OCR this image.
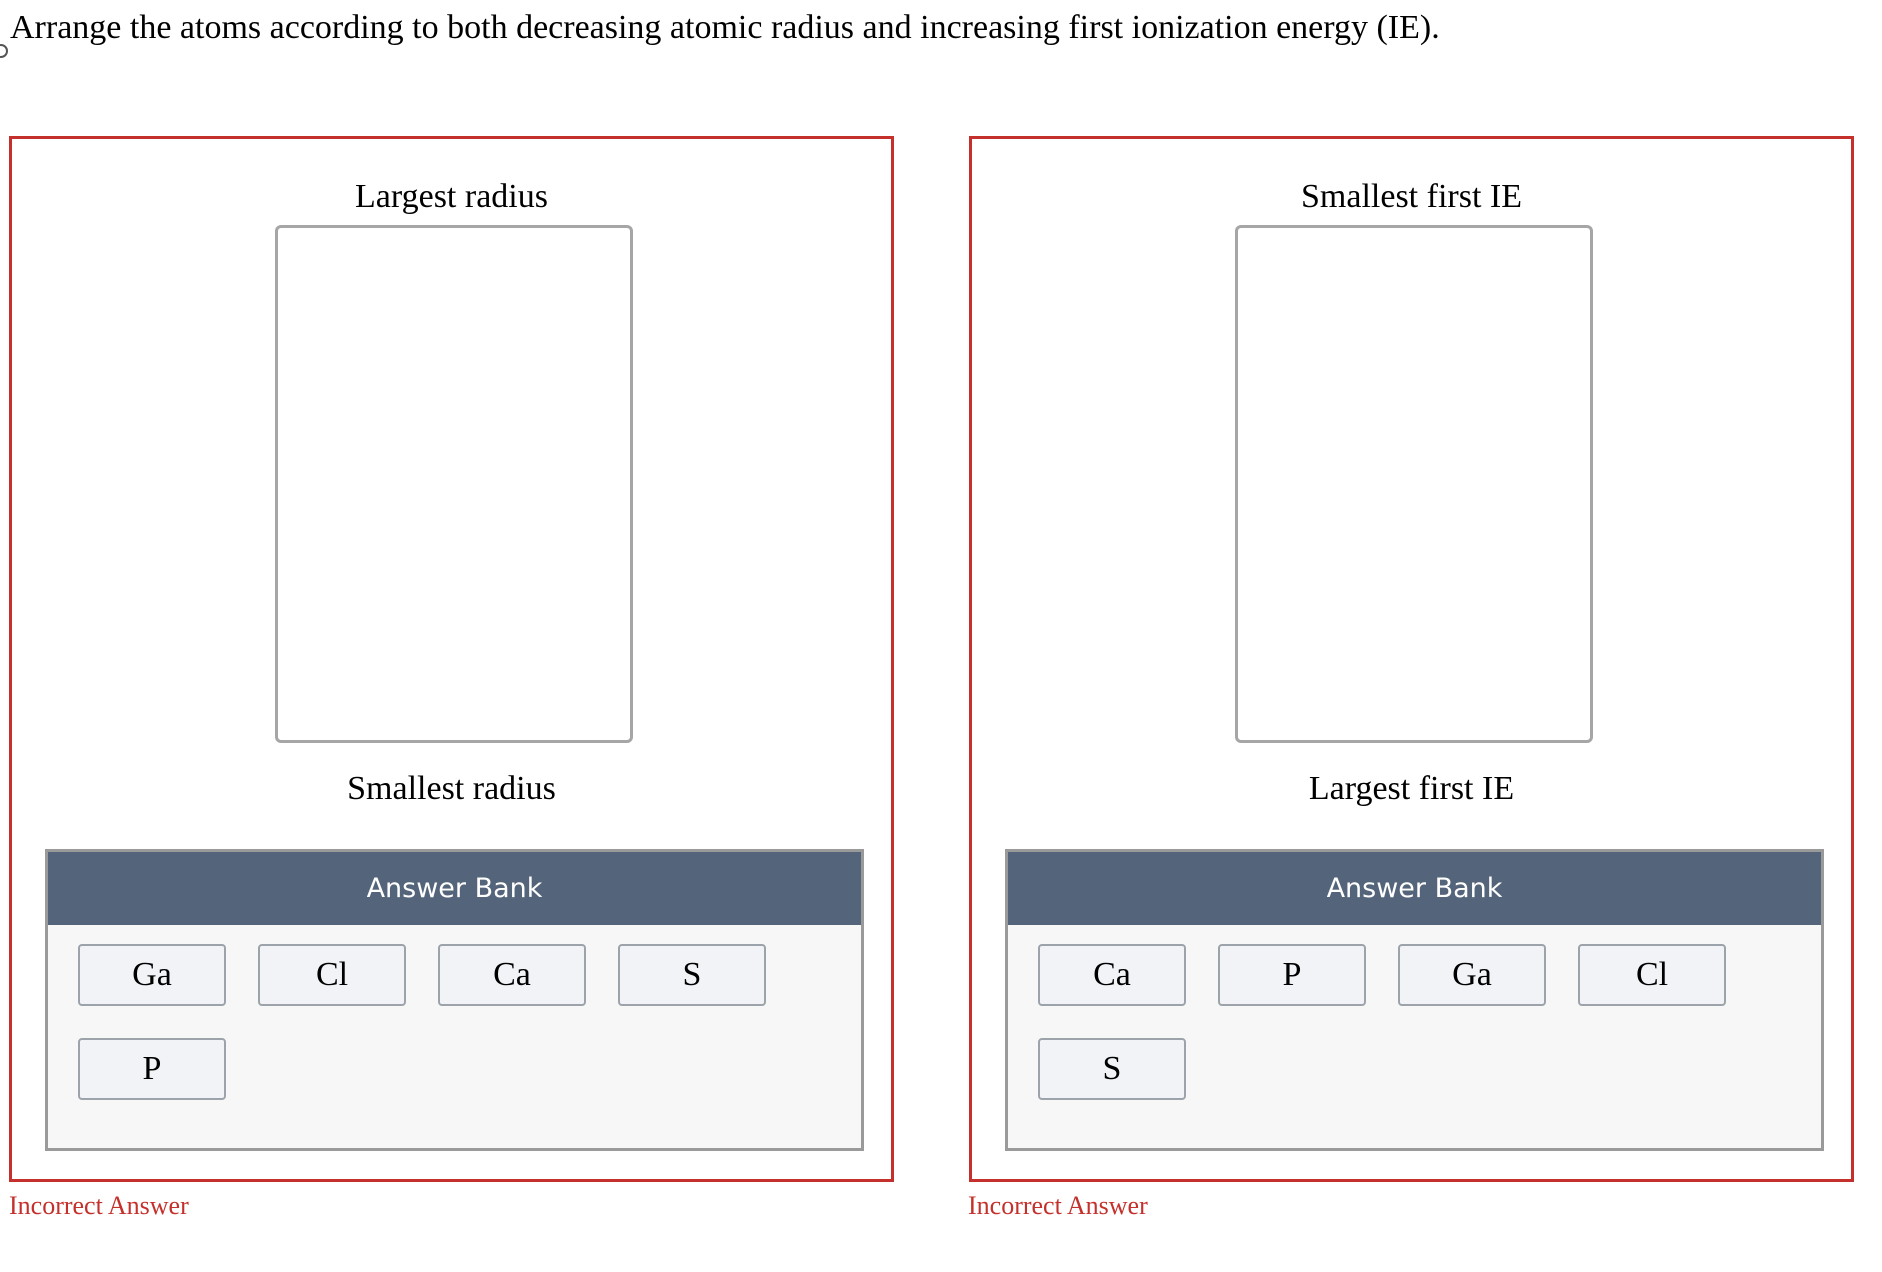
Arrange the atoms according to both decreasing atomic radius and increasing first ionization energy (IE).
Largest radius
Smallest radius
Answer Bank
Ga	Cl	Ca	S
P
Incorrect Answer
Smallest first IE
Largest first IE
Answer Bank
Ca	P	Ga	Cl
S
Incorrect Answer
